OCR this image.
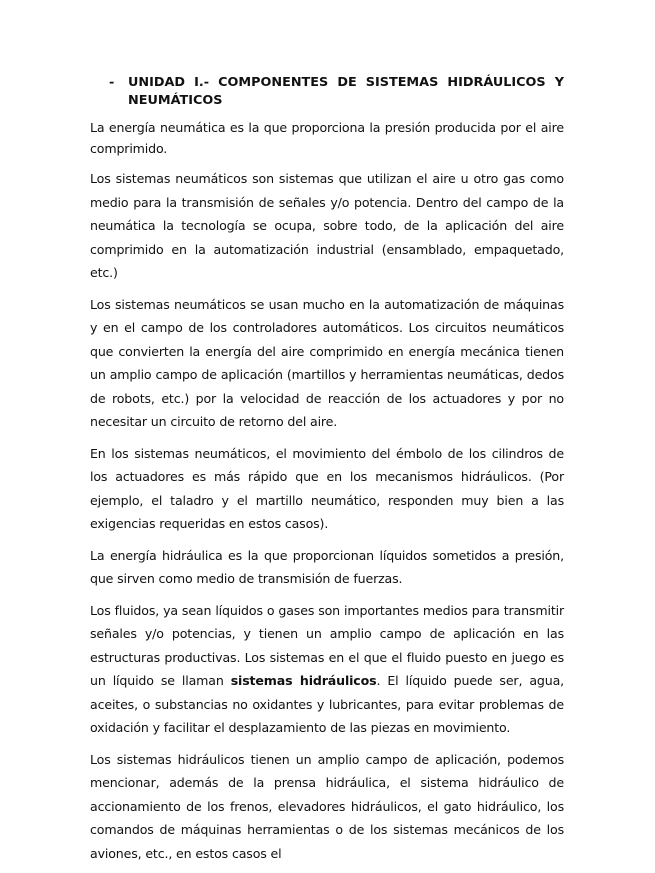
- UNIDAD I.- COMPONENTES DE SISTEMAS HIDRÁULICOS Y NEUMÁTICOS

La energía neumática es la que proporciona la presión producida por el aire comprimido.

Los sistemas neumáticos son sistemas que utilizan el aire u otro gas como medio para la transmisión de señales y/o potencia. Dentro del campo de la neumática la tecnología se ocupa, sobre todo, de la aplicación del aire comprimido en la automatización industrial (ensamblado, empaquetado, etc.)

Los sistemas neumáticos se usan mucho en la automatización de máquinas y en el campo de los controladores automáticos. Los circuitos neumáticos que convierten la energía del aire comprimido en energía mecánica tienen un amplio campo de aplicación (martillos y herramientas neumáticas, dedos de robots, etc.) por la velocidad de reacción de los actuadores y por no necesitar un circuito de retorno del aire.

En los sistemas neumáticos, el movimiento del émbolo de los cilindros de los actuadores es más rápido que en los mecanismos hidráulicos. (Por ejemplo, el taladro y el martillo neumático, responden muy bien a las exigencias requeridas en estos casos).

La energía hidráulica es la que proporcionan líquidos sometidos a presión, que sirven como medio de transmisión de fuerzas.

Los fluidos, ya sean líquidos o gases son importantes medios para transmitir señales y/o potencias, y tienen un amplio campo de aplicación en las estructuras productivas. Los sistemas en el que el fluido puesto en juego es un líquido se llaman sistemas hidráulicos. El líquido puede ser, agua, aceites, o substancias no oxidantes y lubricantes, para evitar problemas de oxidación y facilitar el desplazamiento de las piezas en movimiento.

Los sistemas hidráulicos tienen un amplio campo de aplicación, podemos mencionar, además de la prensa hidráulica, el sistema hidráulico de accionamiento de los frenos, elevadores hidráulicos, el gato hidráulico, los comandos de máquinas herramientas o de los sistemas mecánicos de los aviones, etc., en estos casos el
